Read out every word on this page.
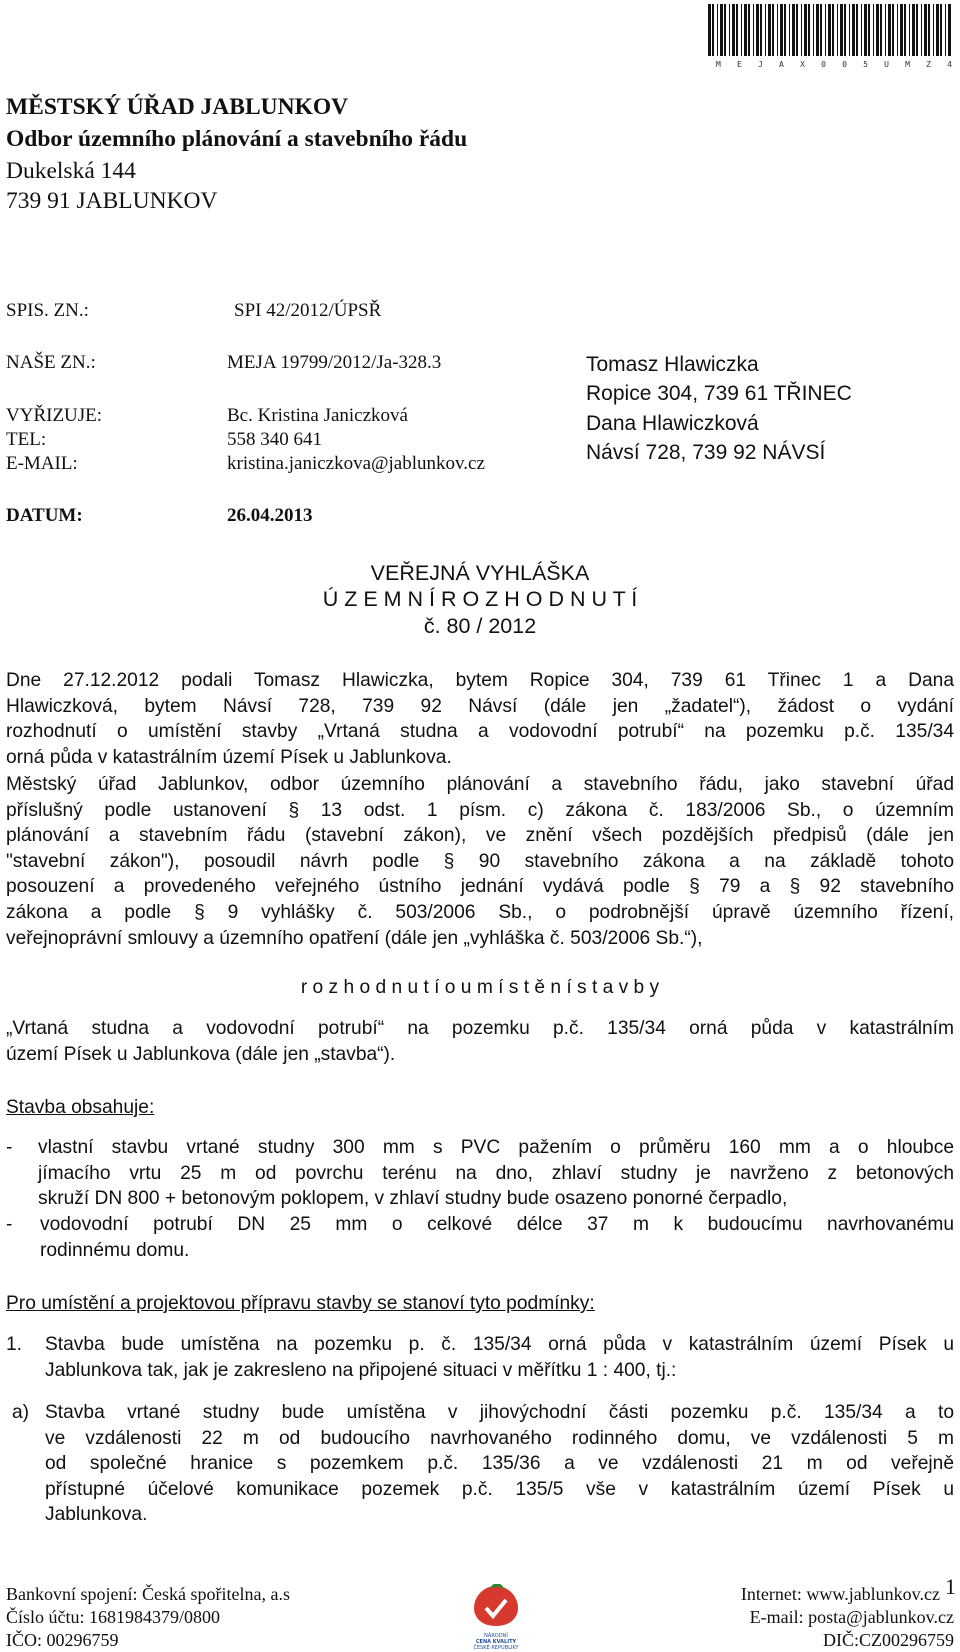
M E J A X 0 0 5 U M Z 4
MĚSTSKÝ ÚŘAD JABLUNKOV
Odbor územního plánování a stavebního řádu
Dukelská 144
739 91 JABLUNKOV
SPIS. ZN.:	SPI 42/2012/ÚPSŘ
NAŠE ZN.:	MEJA 19799/2012/Ja-328.3
VYŘIZUJE:	Bc. Kristina Janiczková
TEL:	558 340 641
E-MAIL:	kristina.janiczkova@jablunkov.cz
DATUM:	26.04.2013
Tomasz Hlawiczka
Ropice 304, 739 61 TŘINEC
Dana Hlawiczková
Návsí 728, 739 92 NÁVSÍ
VEŘEJNÁ VYHLÁŠKA
Ú Z E M N Í R O Z H O D N U T Í
č. 80 / 2012
Dne 27.12.2012 podali Tomasz Hlawiczka, bytem Ropice 304, 739 61 Třinec 1 a Dana
Hlawiczková, bytem Návsí 728, 739 92 Návsí (dále jen „žadatel“), žádost o vydání
rozhodnutí o umístění stavby „Vrtaná studna a vodovodní potrubí“ na pozemku p.č. 135/34
orná půda v katastrálním území Písek u Jablunkova.
Městský úřad Jablunkov, odbor územního plánování a stavebního řádu, jako stavební úřad
příslušný podle ustanovení § 13 odst. 1 písm. c) zákona č. 183/2006 Sb., o územním
plánování a stavebním řádu (stavební zákon), ve znění všech pozdějších předpisů (dále jen
"stavební zákon"), posoudil návrh podle § 90 stavebního zákona a na základě tohoto
posouzení a provedeného veřejného ústního jednání vydává podle § 79 a § 92 stavebního
zákona a podle § 9 vyhlášky č. 503/2006 Sb., o podrobnější úpravě územního řízení,
veřejnoprávní smlouvy a územního opatření (dále jen „vyhláška č. 503/2006 Sb.“),
r o z h o d n u t í o u m í s t ě n í s t a v b y
„Vrtaná studna a vodovodní potrubí“ na pozemku p.č. 135/34 orná půda v katastrálním
území Písek u Jablunkova (dále jen „stavba“).
Stavba obsahuje:
- vlastní stavbu vrtané studny 300 mm s PVC pažením o průměru 160 mm a o hloubce
jímacího vrtu 25 m od povrchu terénu na dno, zhlaví studny je navrženo z betonových
skruží DN 800 + betonovým poklopem, v zhlaví studny bude osazeno ponorné čerpadlo,
- vodovodní potrubí DN 25 mm o celkové délce 37 m k budoucímu navrhovanému
rodinnému domu.
Pro umístění a projektovou přípravu stavby se stanoví tyto podmínky:
1. Stavba bude umístěna na pozemku p. č. 135/34 orná půda v katastrálním území Písek u
Jablunkova tak, jak je zakresleno na připojené situaci v měřítku 1 : 400, tj.:
a) Stavba vrtané studny bude umístěna v jihovýchodní části pozemku p.č. 135/34 a to
ve vzdálenosti 22 m od budoucího navrhovaného rodinného domu, ve vzdálenosti 5 m
od společné hranice s pozemkem p.č. 135/36 a ve vzdálenosti 21 m od veřejně
přístupné účelové komunikace pozemek p.č. 135/5 vše v katastrálním území Písek u
Jablunkova.
Bankovní spojení: Česká spořitelna, a.s
Číslo účtu: 1681984379/0800
IČO: 00296759
Internet: www.jablunkov.cz
E-mail: posta@jablunkov.cz
DIČ:CZ00296759
1
NÁRODNÍ
CENA KVALITY
ČESKÉ REPUBLIKY
